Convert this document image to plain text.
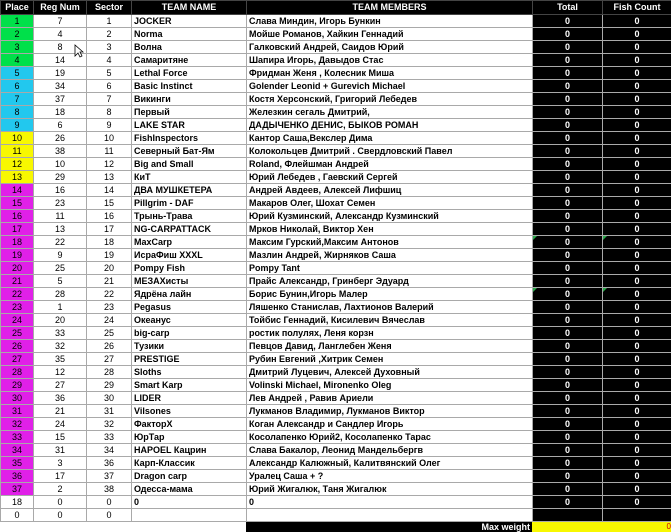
Place	Reg Num	Sector	TEAM NAME	TEAM MEMBERS	Total	Fish Count
1	7	1	JOCKER	Слава Миндин, Игорь Бункин	0	0
2	4	2	Norma	Мойше Романов, Хайкин Геннадий	0	0
3	8	3	Волна	Галковский Андрей, Саидов Юрий	0	0
4	14	4	Самаритяне	Шапира Игорь, Давыдов Стас	0	0
5	19	5	Lethal Force	Фридман Женя , Колесник Миша	0	0
6	34	6	Basic Instinct	Golender Leonid + Gurevich Michael	0	0
7	37	7	Викинги	Костя Херсонский, Григорий Лебедев	0	0
8	18	8	Первый	Железкин сегаль Дмитрий,	0	0
9	6	9	LAKE STAR	ДАДЫЧЕНКО ДЕНИС, БЫКОВ РОМАН	0	0
10	26	10	FishInspectors	Кантор Саша,Векслер Дима	0	0
11	38	11	Северный Бат-Ям	Колокольцев Дмитрий . Свердловский Павел	0	0
12	10	12	Big and Small	Roland, Флейшман Андрей	0	0
13	29	13	КиТ	Юрий Лебедев , Гаевский Сергей	0	0
14	16	14	ДВА МУШКЕТЕРА	Андрей Авдеев, Алексей Лифшиц	0	0
15	23	15	Pillgrim - DAF	Макаров Олег, Шохат Семен	0	0
16	11	16	Трынь-Трава	Юрий Кузминский, Александр Кузминский	0	0
17	13	17	NG-CARPATTACK	Мрков Николай, Виктор Хен	0	0
18	22	18	MaxCarp	Максим Гурский,Максим Антонов	0	0

19	9	19	ИсраФиш XXXL	Мазлин Андрей, Жирняков Саша	0	0
20	25	20	Pompy Fish	Pompy Tant	0	0
21	5	21	МЕЗАХисты	Прайс Александр, Гринберг Эдуард	0	0
22	28	22	Ядрёна лайн	Борис Бунин,Игорь Малер	0	0

23	1	23	Pegasus	Ляшенко Станислав, Лахтионов Валерий	0	0
24	20	24	Океанус	Тойбис Геннадий, Кисилевич Вячеслав	0	0
25	33	25	big-carp	ростик полулях, Леня корзн	0	0
26	32	26	Тузики	Певцов Давид, Ланглебен Женя	0	0
27	35	27	PRESTIGE	Рубин Евгений ,Хитрик Семен	0	0
28	12	28	Sloths	Дмитрий Луцевич, Алексей Духовный	0	0
29	27	29	Smart Karp	Volinski Michael, Mironenko Oleg	0	0
30	36	30	LIDER	Лев Андрей , Равив Ариели	0	0
31	21	31	Vilsones	Лукманов Владимир, Лукманов Виктор	0	0
32	24	32	ФакторХ	Коган Александр и Сандлер Игорь	0	0
33	15	33	ЮрТар	Косолапенко Юрий2, Косолапенко Тарас	0	0
34	31	34	HAPOEL Кацрин	Слава Бакалор, Леонид Мандельбергв	0	0
35	3	36	Карп-Классик	Александр Калюжный, Калитвянский Олег	0	0
36	17	37	Dragon carp	Уралец Саша + ?	0	0
37	2	38	Одесса-мама	Юрий Жигалюк, Таня Жигалюк	0	0
18	0	0	0	0	0	0
0	0	0				
Max weight	0
